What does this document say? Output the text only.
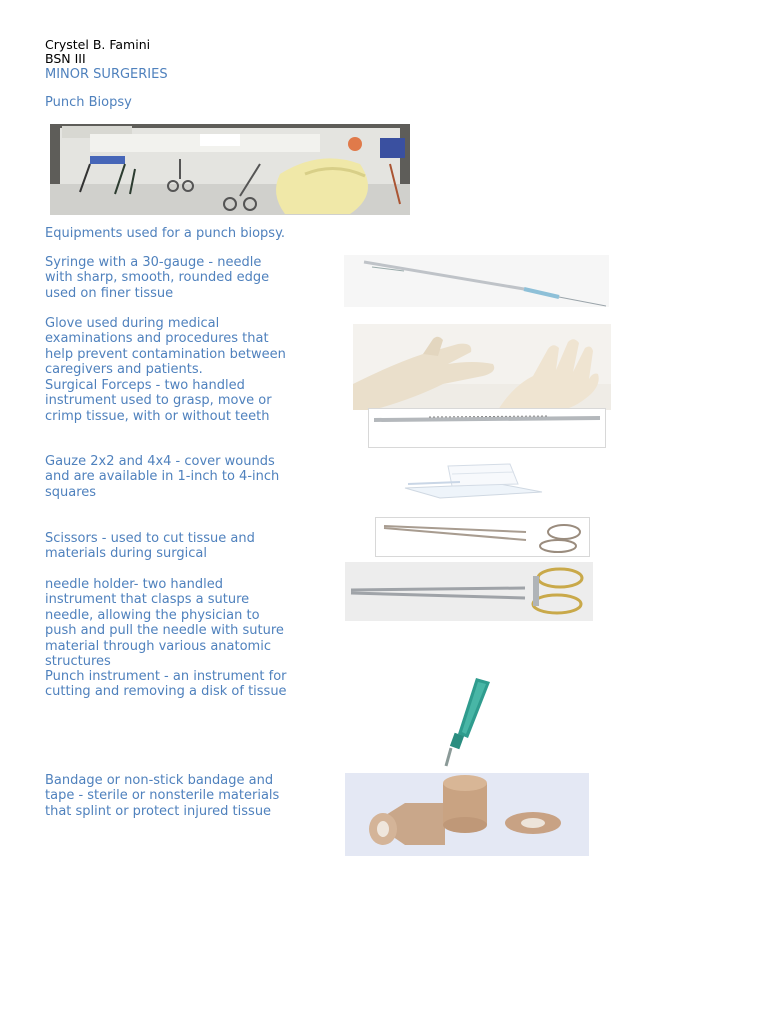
Crystel B. Famini

BSN III

MINOR SURGERIES

Punch Biopsy

Equipments used for a punch biopsy.

Syringe with a 30-gauge - needle

with sharp, smooth, rounded edge

used on finer tissue

Glove used during medical

examinations and procedures that

help prevent contamination between

caregivers and patients.

Surgical Forceps - two handled

instrument used to grasp, move or

crimp tissue, with or without teeth

Gauze 2x2 and 4x4 - cover wounds

and are available in 1-inch to 4-inch

squares

Scissors - used to cut tissue and

materials during surgical

needle holder- two handled

instrument that clasps a suture

needle, allowing the physician to

push and pull the needle with suture

material through various anatomic

structures

Punch instrument - an instrument for

cutting and removing a disk of tissue

Bandage or non-stick bandage and

tape - sterile or nonsterile materials

that splint or protect injured tissue
